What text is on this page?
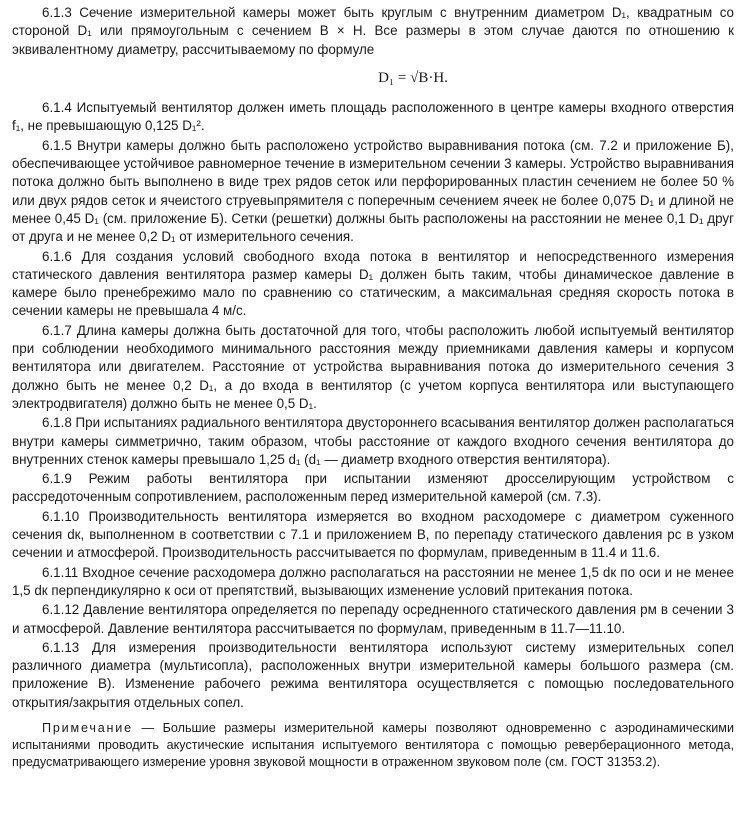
6.1.3 Сечение измерительной камеры может быть круглым с внутренним диаметром D₁, квадратным со стороной D₁ или прямоугольным с сечением B × H. Все размеры в этом случае даются по отношению к эквивалентному диаметру, рассчитываемому по формуле

D₁ = √B·H.

6.1.4 Испытуемый вентилятор должен иметь площадь расположенного в центре камеры входного отверстия f₁, не превышающую 0,125 D₁².

6.1.5 Внутри камеры должно быть расположено устройство выравнивания потока (см. 7.2 и приложение Б), обеспечивающее устойчивое равномерное течение в измерительном сечении 3 камеры. Устройство выравнивания потока должно быть выполнено в виде трех рядов сеток или перфорированных пластин сечением не более 50 % или двух рядов сеток и ячеистого струевыпрямителя с поперечным сечением ячеек не более 0,075 D₁ и длиной не менее 0,45 D₁ (см. приложение Б). Сетки (решетки) должны быть расположены на расстоянии не менее 0,1 D₁ друг от друга и не менее 0,2 D₁ от измерительного сечения.

6.1.6 Для создания условий свободного входа потока в вентилятор и непосредственного измерения статического давления вентилятора размер камеры D₁ должен быть таким, чтобы динамическое давление в камере было пренебрежимо мало по сравнению со статическим, а максимальная средняя скорость потока в сечении камеры не превышала 4 м/с.

6.1.7 Длина камеры должна быть достаточной для того, чтобы расположить любой испытуемый вентилятор при соблюдении необходимого минимального расстояния между приемниками давления камеры и корпусом вентилятора или двигателем. Расстояние от устройства выравнивания потока до измерительного сечения 3 должно быть не менее 0,2 D₁, а до входа в вентилятор (с учетом корпуса вентилятора или выступающего электродвигателя) должно быть не менее 0,5 D₁.

6.1.8 При испытаниях радиального вентилятора двустороннего всасывания вентилятор должен располагаться внутри камеры симметрично, таким образом, чтобы расстояние от каждого входного сечения вентилятора до внутренних стенок камеры превышало 1,25 d₁ (d₁ — диаметр входного отверстия вентилятора).

6.1.9 Режим работы вентилятора при испытании изменяют дросселирующим устройством с рассредоточенным сопротивлением, расположенным перед измерительной камерой (см. 7.3).

6.1.10 Производительность вентилятора измеряется во входном расходомере с диаметром суженного сечения dк, выполненном в соответствии с 7.1 и приложением В, по перепаду статического давления pс в узком сечении и атмосферой. Производительность рассчитывается по формулам, приведенным в 11.4 и 11.6.

6.1.11 Входное сечение расходомера должно располагаться на расстоянии не менее 1,5 dк по оси и не менее 1,5 dк перпендикулярно к оси от препятствий, вызывающих изменение условий притекания потока.

6.1.12 Давление вентилятора определяется по перепаду осредненного статического давления pм в сечении 3 и атмосферой. Давление вентилятора рассчитывается по формулам, приведенным в 11.7—11.10.

6.1.13 Для измерения производительности вентилятора используют систему измерительных сопел различного диаметра (мультисопла), расположенных внутри измерительной камеры большого размера (см. приложение В). Изменение рабочего режима вентилятора осуществляется с помощью последовательного открытия/закрытия отдельных сопел.

Примечание — Большие размеры измерительной камеры позволяют одновременно с аэродинамическими испытаниями проводить акустические испытания испытуемого вентилятора с помощью реверберационного метода, предусматривающего измерение уровня звуковой мощности в отраженном звуковом поле (см. ГОСТ 31353.2).
